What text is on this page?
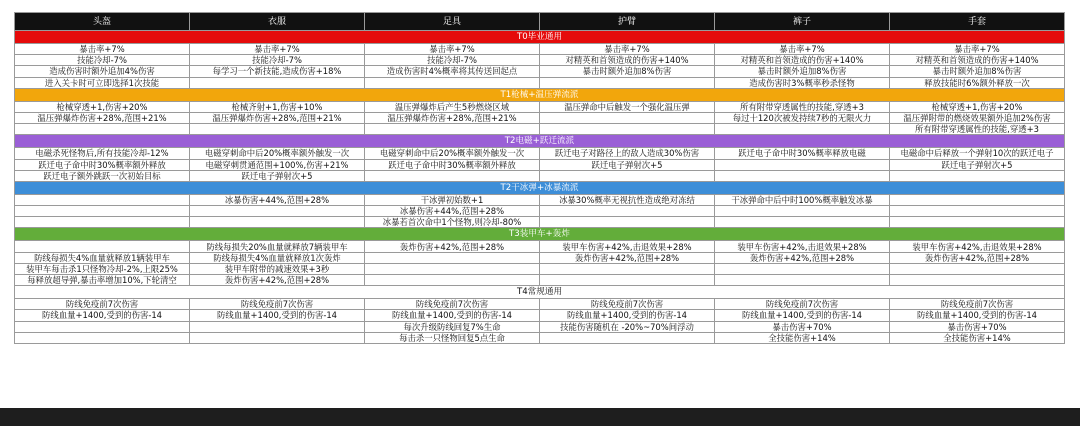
头盔	衣服	足具	护臂	裤子	手套
T0毕业通用					
暴击率+7%	暴击率+7%	暴击率+7%	暴击率+7%	暴击率+7%	暴击率+7%
技能冷却-7%	技能冷却-7%	技能冷却-7%	对精英和首领造成的伤害+140%	对精英和首领造成的伤害+140%	对精英和首领造成的伤害+140%
造成伤害时额外追加4%伤害	每学习一个新技能,造成伤害+18%	造成伤害时4%概率将其传送回起点	暴击时额外追加8%伤害	暴击时额外追加8%伤害	暴击时额外追加8%伤害
进入关卡时可立即选择1次技能				造成伤害时3%概率秒杀怪物	释放技能时6%额外释放一次
T1枪械+温压弹流派					
枪械穿透+1,伤害+20%	枪械齐射+1,伤害+10%	温压弹爆炸后产生5秒燃烧区域	温压弹命中后触发一个强化温压弹	所有附带穿透属性的技能,穿透+3	枪械穿透+1,伤害+20%
温压弹爆炸伤害+28%,范围+21%	温压弹爆炸伤害+28%,范围+21%	温压弹爆炸伤害+28%,范围+21%		每过十120次被发持续7秒的无限火力	温压弹附带的燃烧效果额外追加2%伤害
					所有附带穿透属性的技能,穿透+3
T2电磁+跃迁流派					
电磁杀死怪物后,所有技能冷却-12%	电磁穿刺命中后20%概率额外触发一次	电磁穿刺命中后20%概率额外触发一次	跃迁电子对路径上的敌人造成30%伤害	跃迁电子命中时30%概率释放电磁	电磁命中后释放一个弹射10次的跃迁电子
跃迁电子命中时30%概率额外释放	电磁穿刺贯通范围+100%,伤害+21%	跃迁电子命中时30%概率额外释放	跃迁电子弹射次+5		跃迁电子弹射次+5
跃迁电子额外跳跃一次初始目标	跃迁电子弹射次+5				
T2干冰弹+冰暴流派					
	冰暴伤害+44%,范围+28%	干冰弹初始数+1	冰暴30%概率无视抗性造成绝对冻结	干冰弹命中后中时100%概率触发冰暴	
		冰暴伤害+44%,范围+28%			
		冰暴若首次命中1个怪物,则冷却-80%			
T3装甲车+轰炸					
	防线每损失20%血量就释放7辆装甲车	轰炸伤害+42%,范围+28%	装甲车伤害+42%,击退效果+28%	装甲车伤害+42%,击退效果+28%	装甲车伤害+42%,击退效果+28%
防线每损失4%血量就释放1辆装甲车	防线每损失4%血量就释放1次轰炸		轰炸伤害+42%,范围+28%	轰炸伤害+42%,范围+28%	轰炸伤害+42%,范围+28%
装甲车每击杀1只怪物冷却-2%,上限25%	装甲车附带的减速效果+3秒				
每释放超导弹,暴击率增加10%,下轮清空	轰炸伤害+42%,范围+28%				
T4常规通用					
防线免疫前7次伤害	防线免疫前7次伤害	防线免疫前7次伤害	防线免疫前7次伤害	防线免疫前7次伤害	防线免疫前7次伤害
防线血量+1400,受到的伤害-14	防线血量+1400,受到的伤害-14	防线血量+1400,受到的伤害-14	防线血量+1400,受到的伤害-14	防线血量+1400,受到的伤害-14	防线血量+1400,受到的伤害-14
		每次升级防线回复7%生命	技能伤害随机在 -20%~70%间浮动	暴击伤害+70%	暴击伤害+70%
		每击杀一只怪物回复5点生命		全技能伤害+14%	全技能伤害+14%
